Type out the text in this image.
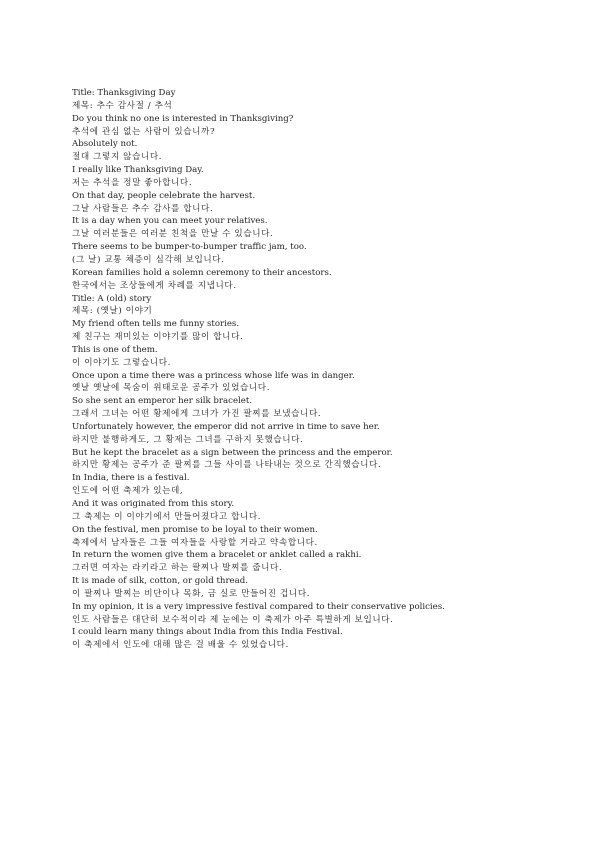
Title: Thanksgiving Day
제목: 추수 감사절 / 추석
Do you think no one is interested in Thanksgiving?
추석에 관심 없는 사람이 있습니까?
Absolutely not.
절대 그렇지 않습니다.
I really like Thanksgiving Day.
저는 추석을 정말 좋아합니다.
On that day, people celebrate the harvest.
그날 사람들은 추수 감사를 합니다.
It is a day when you can meet your relatives.
그날 여러분들은 여러분 친척을 만날 수 있습니다.
There seems to be bumper-to-bumper traffic jam, too.
(그 날) 교통 체증이 심각해 보입니다.
Korean families hold a solemn ceremony to their ancestors.
한국에서는 조상들에게 차례를 지냅니다.
Title: A (old) story
제목: (옛날) 이야기
My friend often tells me funny stories.
제 친구는 재미있는 이야기를 많이 합니다.
This is one of them.
이 이야기도 그렇습니다.
Once upon a time there was a princess whose life was in danger.
옛날 옛날에 목숨이 위태로운 공주가 있었습니다.
So she sent an emperor her silk bracelet.
그래서 그녀는 어떤 황제에게 그녀가 가진 팔찌를 보냈습니다.
Unfortunately however, the emperor did not arrive in time to save her.
하지만 불행하게도, 그 황제는 그녀를 구하지 못했습니다.
But he kept the bracelet as a sign between the princess and the emperor.
하지만 황제는 공주가 준 팔찌를 그들 사이를 나타내는 것으로 간직했습니다.
In India, there is a festival.
인도에 어떤 축제가 있는데,
And it was originated from this story.
그 축제는 이 이야기에서 만들어졌다고 합니다.
On the festival, men promise to be loyal to their women.
축제에서 남자들은 그들 여자들을 사랑할 거라고 약속합니다.
In return the women give them a bracelet or anklet called a rakhi.
그러면 여자는 라키라고 하는 팔찌나 발찌를 줍니다.
It is made of silk, cotton, or gold thread.
이 팔찌나 발찌는 비단이나 목화, 금 실로 만들어진 겁니다.
In my opinion, it is a very impressive festival compared to their conservative policies.
인도 사람들은 대단히 보수적이라 제 눈에는 이 축제가 아주 특별하게 보입니다.
I could learn many things about India from this India Festival.
이 축제에서 인도에 대해 많은 걸 배울 수 있었습니다.
